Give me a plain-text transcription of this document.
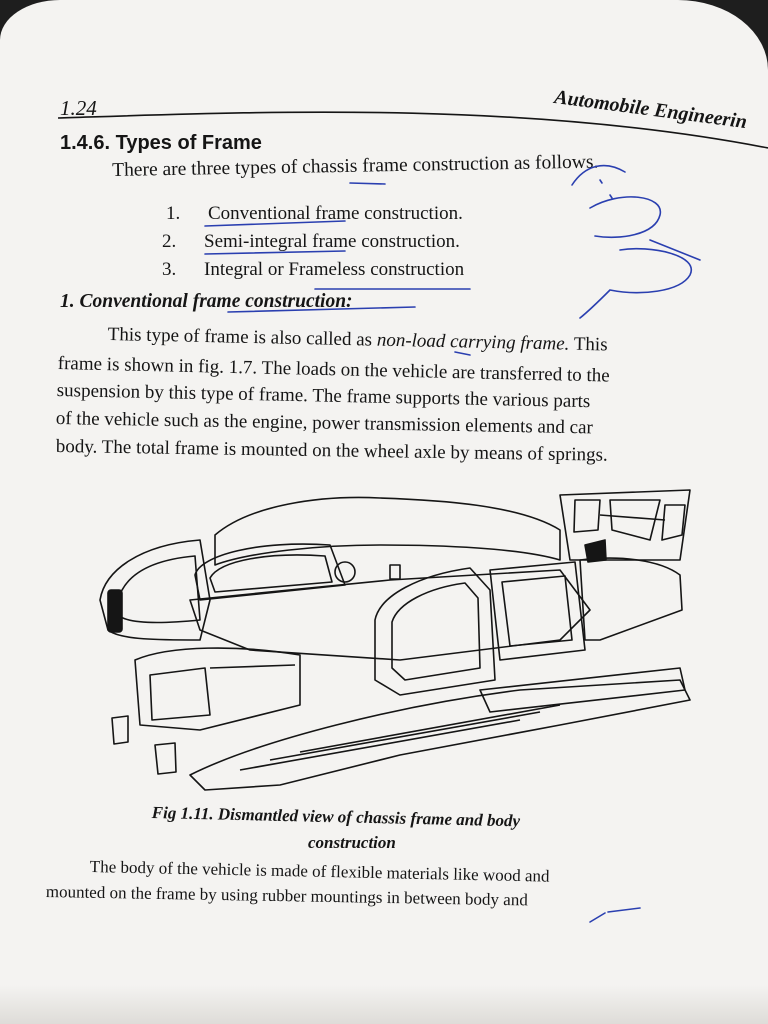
1.24	Automobile Engineerin
1.4.6. Types of Frame
There are three types of chassis frame construction as follows.
1. Conventional frame construction.
2. Semi-integral frame construction.
3. Integral or Frameless construction
1. Conventional frame construction:
This type of frame is also called as non-load carrying frame. This
frame is shown in fig. 1.7. The loads on the vehicle are transferred to the
suspension by this type of frame. The frame supports the various parts
of the vehicle such as the engine, power transmission elements and car
body. The total frame is mounted on the wheel axle by means of springs.
Fig 1.11. Dismantled view of chassis frame and body
construction
The body of the vehicle is made of flexible materials like wood and
mounted on the frame by using rubber mountings in between body and
